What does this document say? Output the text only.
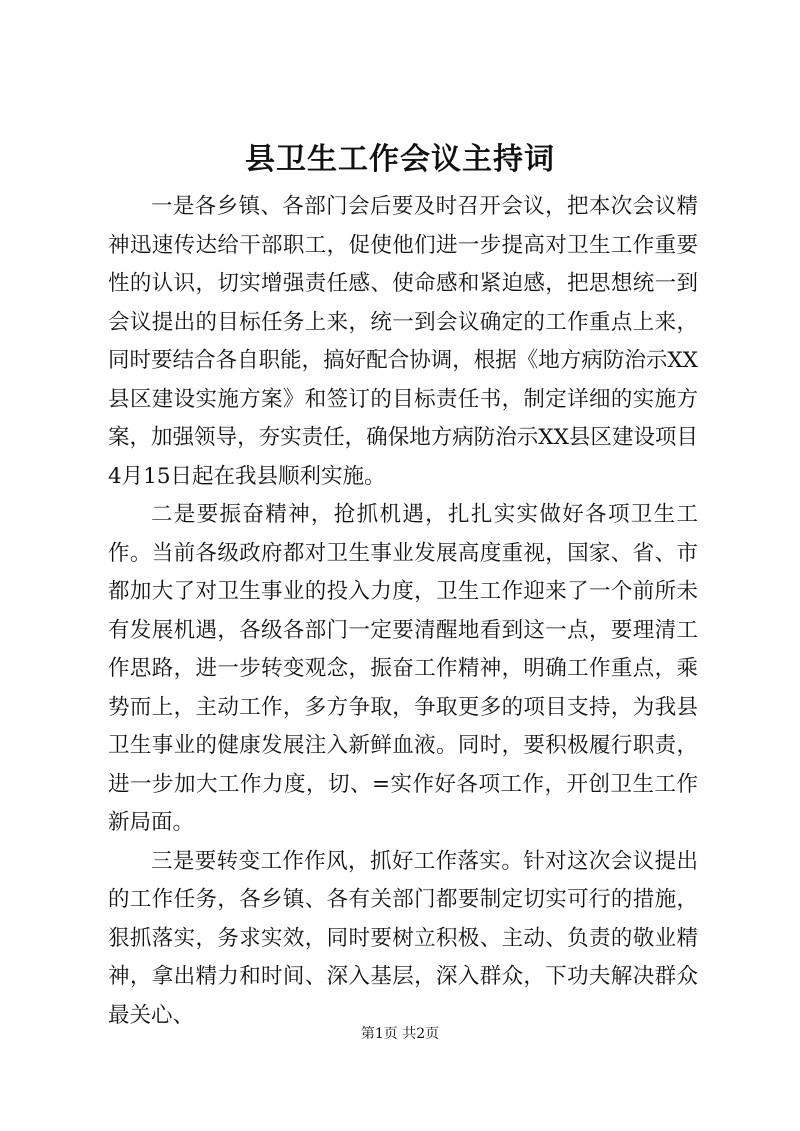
县卫生工作会议主持词

一是各乡镇、各部门会后要及时召开会议，把本次会议精神迅速传达给干部职工，促使他们进一步提高对卫生工作重要性的认识，切实增强责任感、使命感和紧迫感，把思想统一到会议提出的目标任务上来，统一到会议确定的工作重点上来，同时要结合各自职能，搞好配合协调，根据《地方病防治示XX县区建设实施方案》和签订的目标责任书，制定详细的实施方案，加强领导，夯实责任，确保地方病防治示XX县区建设项目4月15日起在我县顺利实施。

二是要振奋精神，抢抓机遇，扎扎实实做好各项卫生工作。当前各级政府都对卫生事业发展高度重视，国家、省、市都加大了对卫生事业的投入力度，卫生工作迎来了一个前所未有发展机遇，各级各部门一定要清醒地看到这一点，要理清工作思路，进一步转变观念，振奋工作精神，明确工作重点，乘势而上，主动工作，多方争取，争取更多的项目支持，为我县卫生事业的健康发展注入新鲜血液。同时，要积极履行职责，进一步加大工作力度，切、=实作好各项工作，开创卫生工作新局面。

三是要转变工作作风，抓好工作落实。针对这次会议提出的工作任务，各乡镇、各有关部门都要制定切实可行的措施，狠抓落实，务求实效，同时要树立积极、主动、负责的敬业精神，拿出精力和时间、深入基层，深入群众，下功夫解决群众最关心、

第1页 共2页
